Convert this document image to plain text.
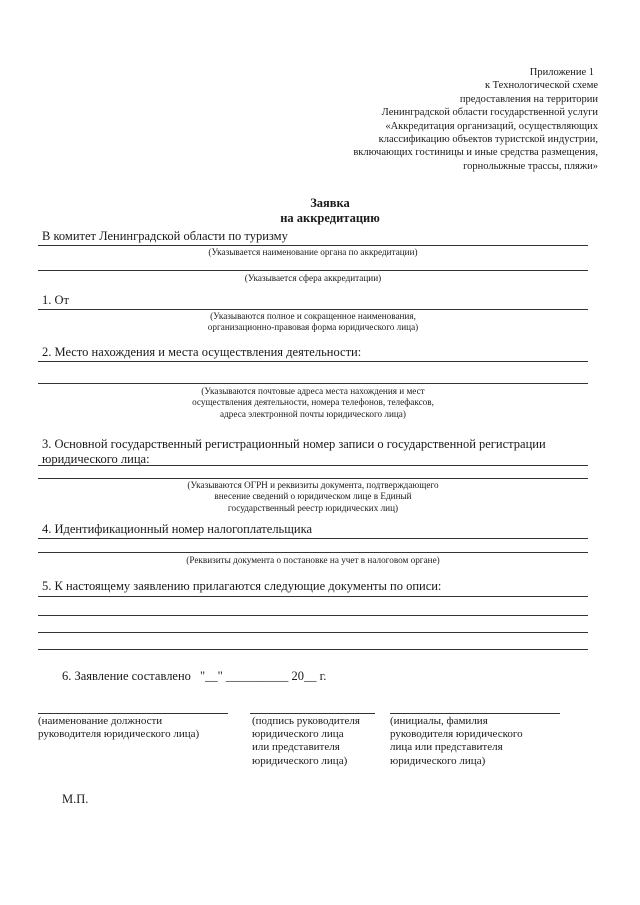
Приложение 1
к Технологической схеме
предоставления на территории
Ленинградской области государственной услуги
«Аккредитация организаций, осуществляющих
классификацию объектов туристской индустрии,
включающих гостиницы и иные средства размещения,
горнолыжные трассы, пляжи»
Заявка
на аккредитацию
В комитет Ленинградской области по туризму
(Указывается наименование органа по аккредитации)
(Указывается сфера аккредитации)
1. От
(Указываются полное и сокращенное наименования,
организационно-правовая форма юридического лица)
2. Место нахождения и места осуществления деятельности:
(Указываются почтовые адреса места нахождения и мест
осуществления деятельности, номера телефонов, телефаксов,
адреса электронной почты юридического лица)
3. Основной государственный регистрационный номер записи о государственной регистрации
юридического лица:
(Указываются ОГРН и реквизиты документа, подтверждающего
внесение сведений о юридическом лице в Единый
государственный реестр юридических лиц)
4. Идентификационный номер налогоплательщика
(Реквизиты документа о постановке на учет в налоговом органе)
5. К настоящему заявлению прилагаются следующие документы по описи:
6. Заявление составлено "__" __________ 20__ г.
(наименование должности
руководителя юридического лица)
(подпись руководителя
юридического лица
или представителя
юридического лица)
(инициалы, фамилия
руководителя юридического
лица или представителя
юридического лица)
М.П.
